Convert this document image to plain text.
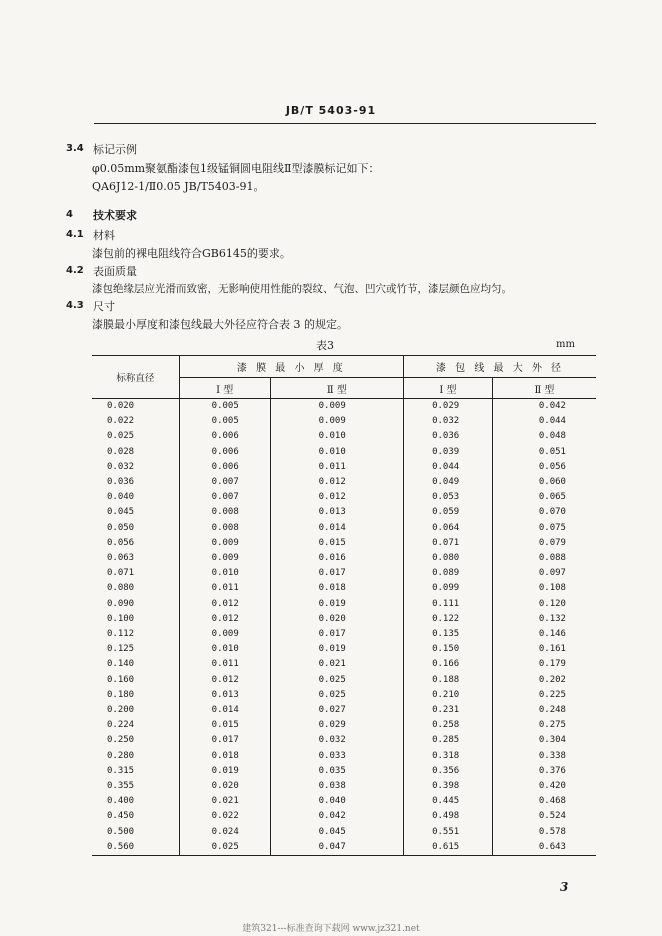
JB/T 5403-91
3.4 标记示例
φ0.05mm聚氨酯漆包1级锰铜圆电阻线Ⅱ型漆膜标记如下：
QA6J12-1/Ⅱ0.05 JB/T5403-91。
4 技术要求
4.1 材料
漆包前的裸电阻线符合GB6145的要求。
4.2 表面质量
漆包绝缘层应光滑而致密，无影响使用性能的裂纹、气泡、凹穴或竹节，漆层颜色应均匀。
4.3 尺寸
漆膜最小厚度和漆包线最大外径应符合表 3 的规定。
表3	mm
标称直径	漆 膜 最 小 厚 度		漆 包 线 最 大 外 径	
	Ⅰ 型	Ⅱ 型	Ⅰ 型	Ⅱ 型
0.020	0.005	0.009	0.029	0.042
0.022	0.005	0.009	0.032	0.044
0.025	0.006	0.010	0.036	0.048
0.028	0.006	0.010	0.039	0.051
0.032	0.006	0.011	0.044	0.056
0.036	0.007	0.012	0.049	0.060
0.040	0.007	0.012	0.053	0.065
0.045	0.008	0.013	0.059	0.070
0.050	0.008	0.014	0.064	0.075
0.056	0.009	0.015	0.071	0.079
0.063	0.009	0.016	0.080	0.088
0.071	0.010	0.017	0.089	0.097
0.080	0.011	0.018	0.099	0.108
0.090	0.012	0.019	0.111	0.120
0.100	0.012	0.020	0.122	0.132
0.112	0.009	0.017	0.135	0.146
0.125	0.010	0.019	0.150	0.161
0.140	0.011	0.021	0.166	0.179
0.160	0.012	0.025	0.188	0.202
0.180	0.013	0.025	0.210	0.225
0.200	0.014	0.027	0.231	0.248
0.224	0.015	0.029	0.258	0.275
0.250	0.017	0.032	0.285	0.304
0.280	0.018	0.033	0.318	0.338
0.315	0.019	0.035	0.356	0.376
0.355	0.020	0.038	0.398	0.420
0.400	0.021	0.040	0.445	0.468
0.450	0.022	0.042	0.498	0.524
0.500	0.024	0.045	0.551	0.578
0.560	0.025	0.047	0.615	0.643
3
建筑321---标准查询下载网 www.jz321.net
